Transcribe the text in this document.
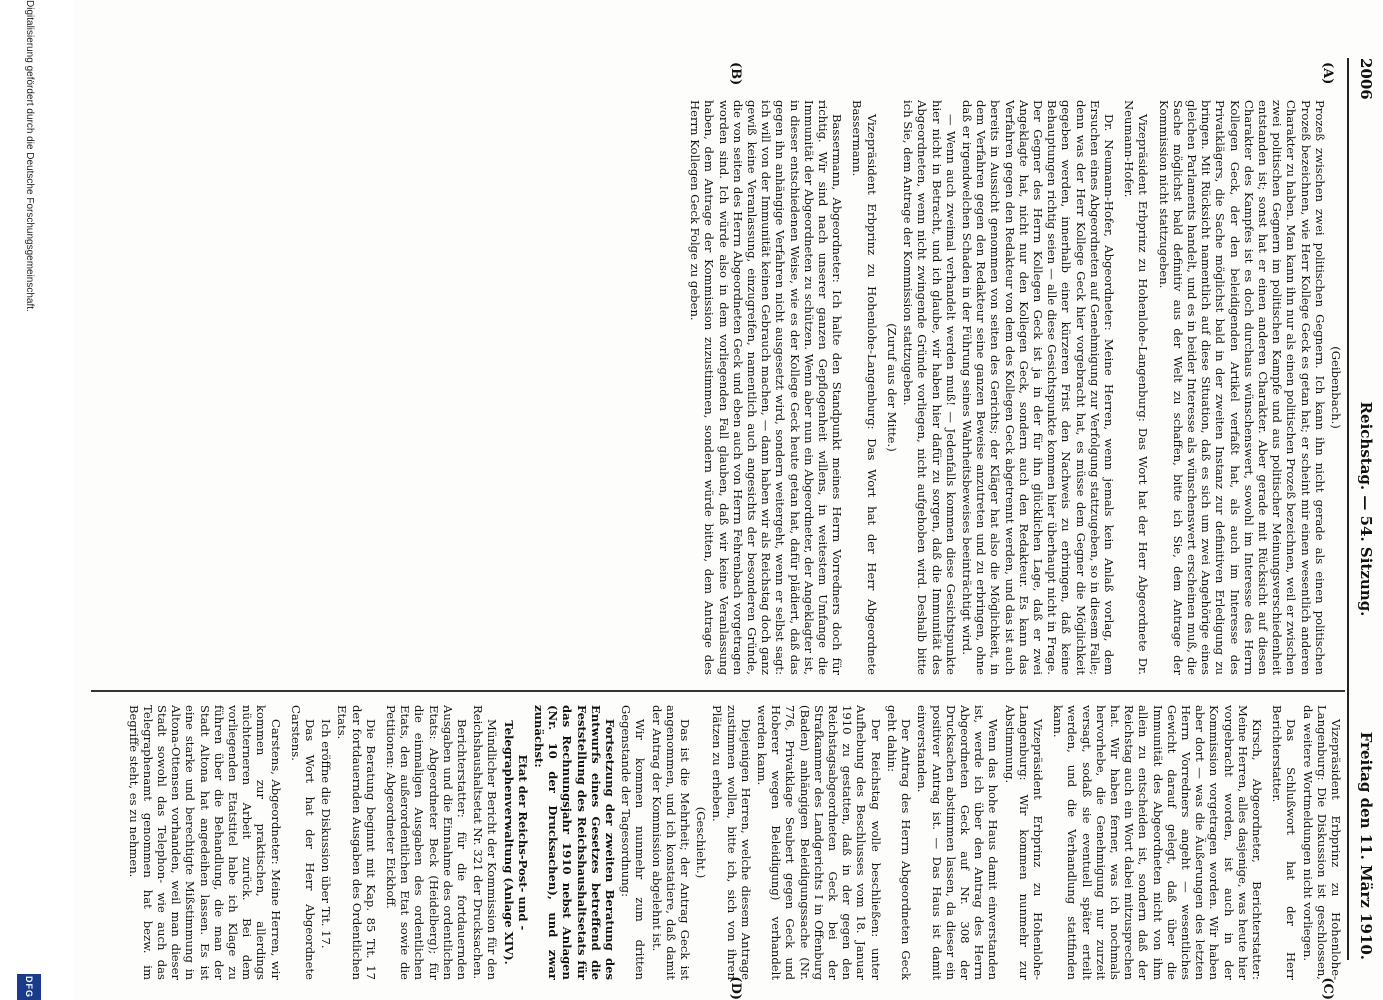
2006
Reichstag. — 54. Sitzung.
Freitag den 11. März 1910.
(A)
(B)
(C)
(D)

(Geibenbach.)

Prozeß zwischen zwei politischen Gegnern. Ich kann ihn nicht gerade als einen politischen Prozeß bezeichnen, wie Herr Kollege Geck es getan hat; er scheint mir einen wesentlich anderen Charakter zu haben. Man kann ihn nur als einen politischen Prozeß bezeichnen, weil er zwischen zwei politischen Gegnern im politischen Kampfe und aus politischer Meinungsverschiedenheit entstanden ist; sonst hat er einen anderen Charakter. Aber gerade mit Rücksicht auf diesen Charakter des Kampfes ist es doch durchaus wünschenswert, sowohl im Interesse des Herrn Kollegen Geck, der den beleidigenden Artikel verfaßt hat, als auch im Interesse des Privatklägers, die Sache möglichst bald in der zweiten Instanz zur definitiven Erledigung zu bringen. Mit Rücksicht namentlich auf diese Situation, daß es sich um zwei Angehörige eines gleichen Parlaments handelt, und es in beider Interesse als wünschenswert erscheinen muß, die Sache möglichst bald definitiv aus der Welt zu schaffen, bitte ich Sie, dem Antrage der Kommission nicht stattzugeben.

Vizepräsident Erbprinz zu Hohenlohe-Langenburg: Das Wort hat der Herr Abgeordnete Dr. Neumann-Hofer.

Dr. Neumann-Hofer, Abgeordneter: Meine Herren, wenn jemals kein Anlaß vorlag, dem Ersuchen eines Abgeordneten auf Genehmigung zur Verfolgung stattzugeben, so in diesem Falle; denn was der Herr Kollege Geck hier vorgebracht hat, es müsse dem Gegner die Möglichkeit gegeben werden, innerhalb einer kürzeren Frist den Nachweis zu erbringen, daß keine Behauptungen richtig seien — alle diese Gesichtspunkte kommen hier überhaupt nicht in Frage. Der Gegner des Herrn Kollegen Geck ist ja in der für ihn glücklichen Lage, daß er zwei Angeklagte hat, nicht nur den Kollegen Geck, sondern auch den Redakteur. Es kann das Verfahren gegen den Redakteur von dem des Kollegen Geck abgetrennt werden, und das ist auch bereits in Aussicht genommen von seiten des Gerichts; der Kläger hat also die Möglichkeit, in dem Verfahren gegen den Redakteur seine ganzen Beweise anzutreten und zu erbringen, ohne daß er irgendwelchen Schaden in der Führung seines Wahrheitsbeweises beeinträchtigt wird.

— Wenn auch zweimal verhandelt werden muß! — Jedenfalls kommen diese Gesichtspunkte hier nicht in Betracht, und ich glaube, wir haben hier dafür zu sorgen, daß die Immunität des Abgeordneten, wenn nicht zwingende Gründe vorliegen, nicht aufgehoben wird. Deshalb bitte ich Sie, dem Antrage der Kommission stattzugeben.

(Zuruf aus der Mitte.)

Vizepräsident Erbprinz zu Hohenlohe-Langenburg: Das Wort hat der Herr Abgeordnete Bassermann.

Bassermann, Abgeordneter: Ich halte den Standpunkt meines Herrn Vorredners doch für richtig. Wir sind nach unserer ganzen Gepflogenheit willens, in weitestem Umfange die Immunität der Abgeordneten zu schützen. Wenn aber nun ein Abgeordneter, der Angeklagter ist, in dieser entschiedenen Weise, wie es der Kollege Geck heute getan hat, dafür plädiert, daß das gegen ihn anhängige Verfahren nicht ausgesetzt wird, sondern weitergeht, wenn er selbst sagt: ich will von der Immunität keinen Gebrauch machen, — dann haben wir als Reichstag doch ganz gewiß keine Veranlassung, einzugreifen, namentlich auch angesichts der besonderen Gründe, die von seiten des Herrn Abgeordneten Geck und eben auch von Herrn Fehrenbach vorgetragen worden sind. Ich würde also in dem vorliegenden Fall glauben, daß wir keine Veranlassung haben, dem Antrage der Kommission zuzustimmen, sondern würde bitten, dem Antrage des Herrn Kollegen Geck Folge zu geben.

Vizepräsident Erbprinz zu Hohenlohe-Langenburg: Die Diskussion ist geschlossen, da weitere Wortmeldungen nicht vorliegen.

Das Schlußwort hat der Herr Berichterstatter.

Kirsch, Abgeordneter, Berichterstatter: Meine Herren, alles dasjenige, was heute hier vorgebracht worden, ist auch in der Kommission vorgetragen worden. Wir haben aber dort — was die Äußerungen des letzten Herrn Vorredners angeht — wesentliches Gewicht darauf gelegt, daß über die Immunität des Abgeordneten nicht von ihm allein zu entscheiden ist, sondern daß der Reichstag auch ein Wort dabei mitzusprechen hat. Wir haben ferner, was ich nochmals hervorhebe, die Genehmigung nur zurzeit versagt, sodaß sie eventuell später erteilt werden, und die Verhandlung stattfinden kann.

Vizepräsident Erbprinz zu Hohenlohe-Langenburg: Wir kommen nunmehr zur Abstimmung.

Wenn das hohe Haus damit einverstanden ist, werde ich über den Antrag des Herrn Abgeordneten Geck auf Nr. 308 der Drucksachen abstimmen lassen, da dieser ein positiver Antrag ist. — Das Haus ist damit einverstanden.

Der Antrag des Herrn Abgeordneten Geck geht dahin:

Der Reichstag wolle beschließen: unter Aufhebung des Beschlusses vom 18. Januar 1910 zu gestatten, daß in der gegen den Reichstagsabgeordneten Geck bei der Strafkammer des Landgerichts I in Offenburg (Baden) anhängigen Beleidigungssache (Nr. 776, Privatklage Seubert gegen Geck und Hoberer wegen Beleidigung) verhandelt werden kann.

Diejenigen Herren, welche diesem Antrage zustimmen wollen, bitte ich, sich von ihren Plätzen zu erheben.

(Geschieht.)

Das ist die Mehrheit; der Antrag Geck ist angenommen, und ich konstatiere, daß damit der Antrag der Kommission abgelehnt ist.

Wir kommen nunmehr zum dritten Gegenstande der Tagesordnung:

Fortsetzung der zweiten Beratung des Entwurfs eines Gesetzes betreffend die Feststellung des Reichshaushaltsetats für das Rechnungsjahr 1910 nebst Anlagen (Nr. 10 der Drucksachen), und zwar zunächst:

Etat der Reichs-Post- und -Telegraphenverwaltung (Anlage XIV).

Mündlicher Bericht der Kommission für den Reichshaushaltsetat Nr. 321 der Drucksachen.

Berichterstatter: für die fortdauernden Ausgaben und die Einnahme des ordentlichen Etats: Abgeordneter Beck (Heidelberg); für die einmaligen Ausgaben des ordentlichen Etats, den außerordentlichen Etat sowie die Petitionen: Abgeordneter Eickhoff.

Die Beratung beginnt mit Kap. 85 Tit. 17 der fortdauernden Ausgaben des Ordentlichen Etats.

Ich eröffne die Diskussion über Tit. 17.

Das Wort hat der Herr Abgeordnete Carstens.

Carstens, Abgeordneter: Meine Herren, wir kommen zur praktischen, allerdings nüchterneren Arbeit zurück. Bei dem vorliegenden Etatstitel habe ich Klage zu führen über die Behandlung, die man der Stadt Altona hat angedeihen lassen. Es ist eine starke und berechtigte Mißstimmung in Altona-Ottensen vorhanden, weil man dieser Stadt sowohl das Telephon- wie auch das Telegraphenamt genommen hat bezw. im Begriffe steht, es zu nehmen.

Digitalisierung gefördert durch die Deutsche Forschungsgemeinschaft.
DFG
